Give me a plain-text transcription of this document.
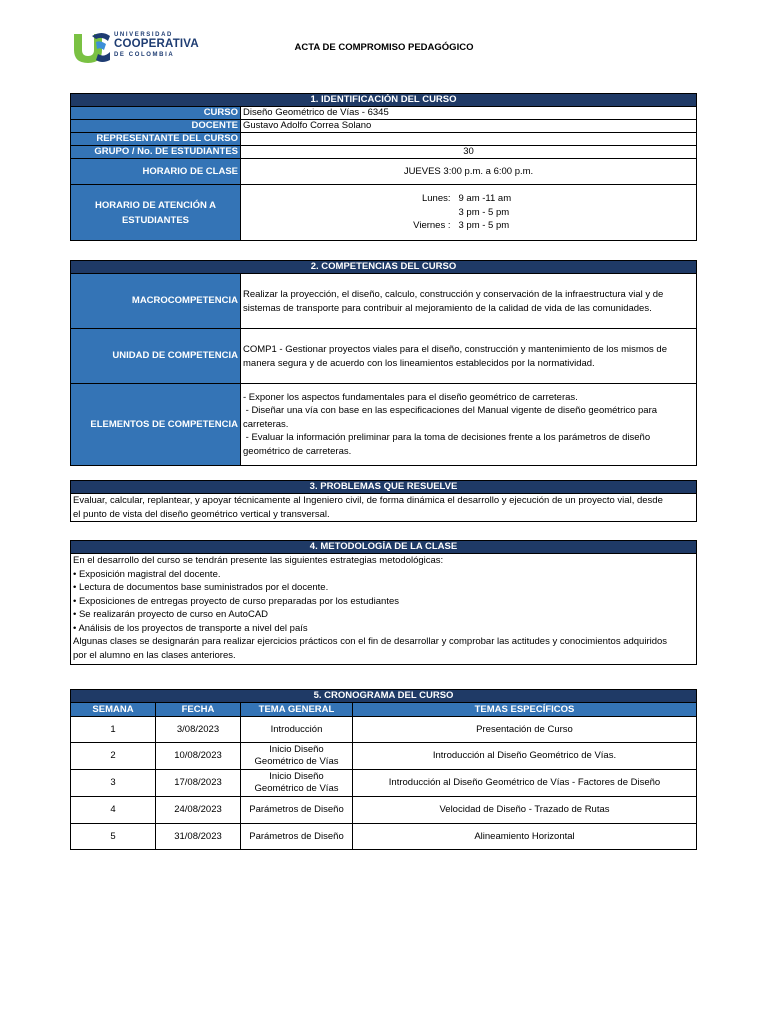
UNIVERSIDAD
COOPERATIVA
DE COLOMBIA
ACTA DE COMPROMISO PEDAGÓGICO
1. IDENTIFICACIÓN DEL CURSO	
CURSO	Diseño Geométrico de Vías - 6345
DOCENTE	Gustavo Adolfo Correa Solano
REPRESENTANTE DEL CURSO	
GRUPO / No. DE ESTUDIANTES	30
HORARIO DE CLASE	JUEVES 3:00 p.m. a 6:00 p.m.
HORARIO DE ATENCIÓN A ESTUDIANTES	Lunes: 9 am -11 am
3 pm - 5 pm
Viernes : 3 pm - 5 pm
2. COMPETENCIAS DEL CURSO	
MACROCOMPETENCIA	Realizar la proyección, el diseño, calculo, construcción y conservación de la infraestructura vial y de
sistemas de transporte para contribuir al mejoramiento de la calidad de vida de las comunidades.

UNIDAD DE COMPETENCIA	COMP1 - Gestionar proyectos viales para el diseño, construcción y mantenimiento de los mismos de
manera segura y de acuerdo con los lineamientos establecidos por la normatividad.

ELEMENTOS DE COMPETENCIA	- Exponer los aspectos fundamentales para el diseño geométrico de carreteras.
- Diseñar una vía con base en las especificaciones del Manual vigente de diseño geométrico para
carreteras.
- Evaluar la información preliminar para la toma de decisiones frente a los parámetros de diseño
geométrico de carreteras.
3. PROBLEMAS QUE RESUELVE

Evaluar, calcular, replantear, y apoyar técnicamente al Ingeniero civil, de forma dinámica el desarrollo y ejecución de un proyecto vial, desde
el punto de vista del diseño geométrico vertical y transversal.
4. METODOLOGÍA DE LA CLASE

En el desarrollo del curso se tendrán presente las siguientes estrategias metodológicas:
• Exposición magistral del docente.
• Lectura de documentos base suministrados por el docente.
• Exposiciones de entregas proyecto de curso preparadas por los estudiantes
• Se realizarán proyecto de curso en AutoCAD
• Análisis de los proyectos de transporte a nivel del país
Algunas clases se designarán para realizar ejercicios prácticos con el fin de desarrollar y comprobar las actitudes y conocimientos adquiridos
por el alumno en las clases anteriores.
5. CRONOGRAMA DEL CURSO			
SEMANA	FECHA	TEMA GENERAL	TEMAS ESPECÍFICOS
1	3/08/2023	Introducción	Presentación de Curso
2	10/08/2023	Inicio Diseño
Geométrico de Vías	Introducción al Diseño Geométrico de Vías.
3	17/08/2023	Inicio Diseño
Geométrico de Vías	Introducción al Diseño Geométrico de Vías - Factores de Diseño
4	24/08/2023	Parámetros de Diseño	Velocidad de Diseño - Trazado de Rutas
5	31/08/2023	Parámetros de Diseño	Alineamiento Horizontal
